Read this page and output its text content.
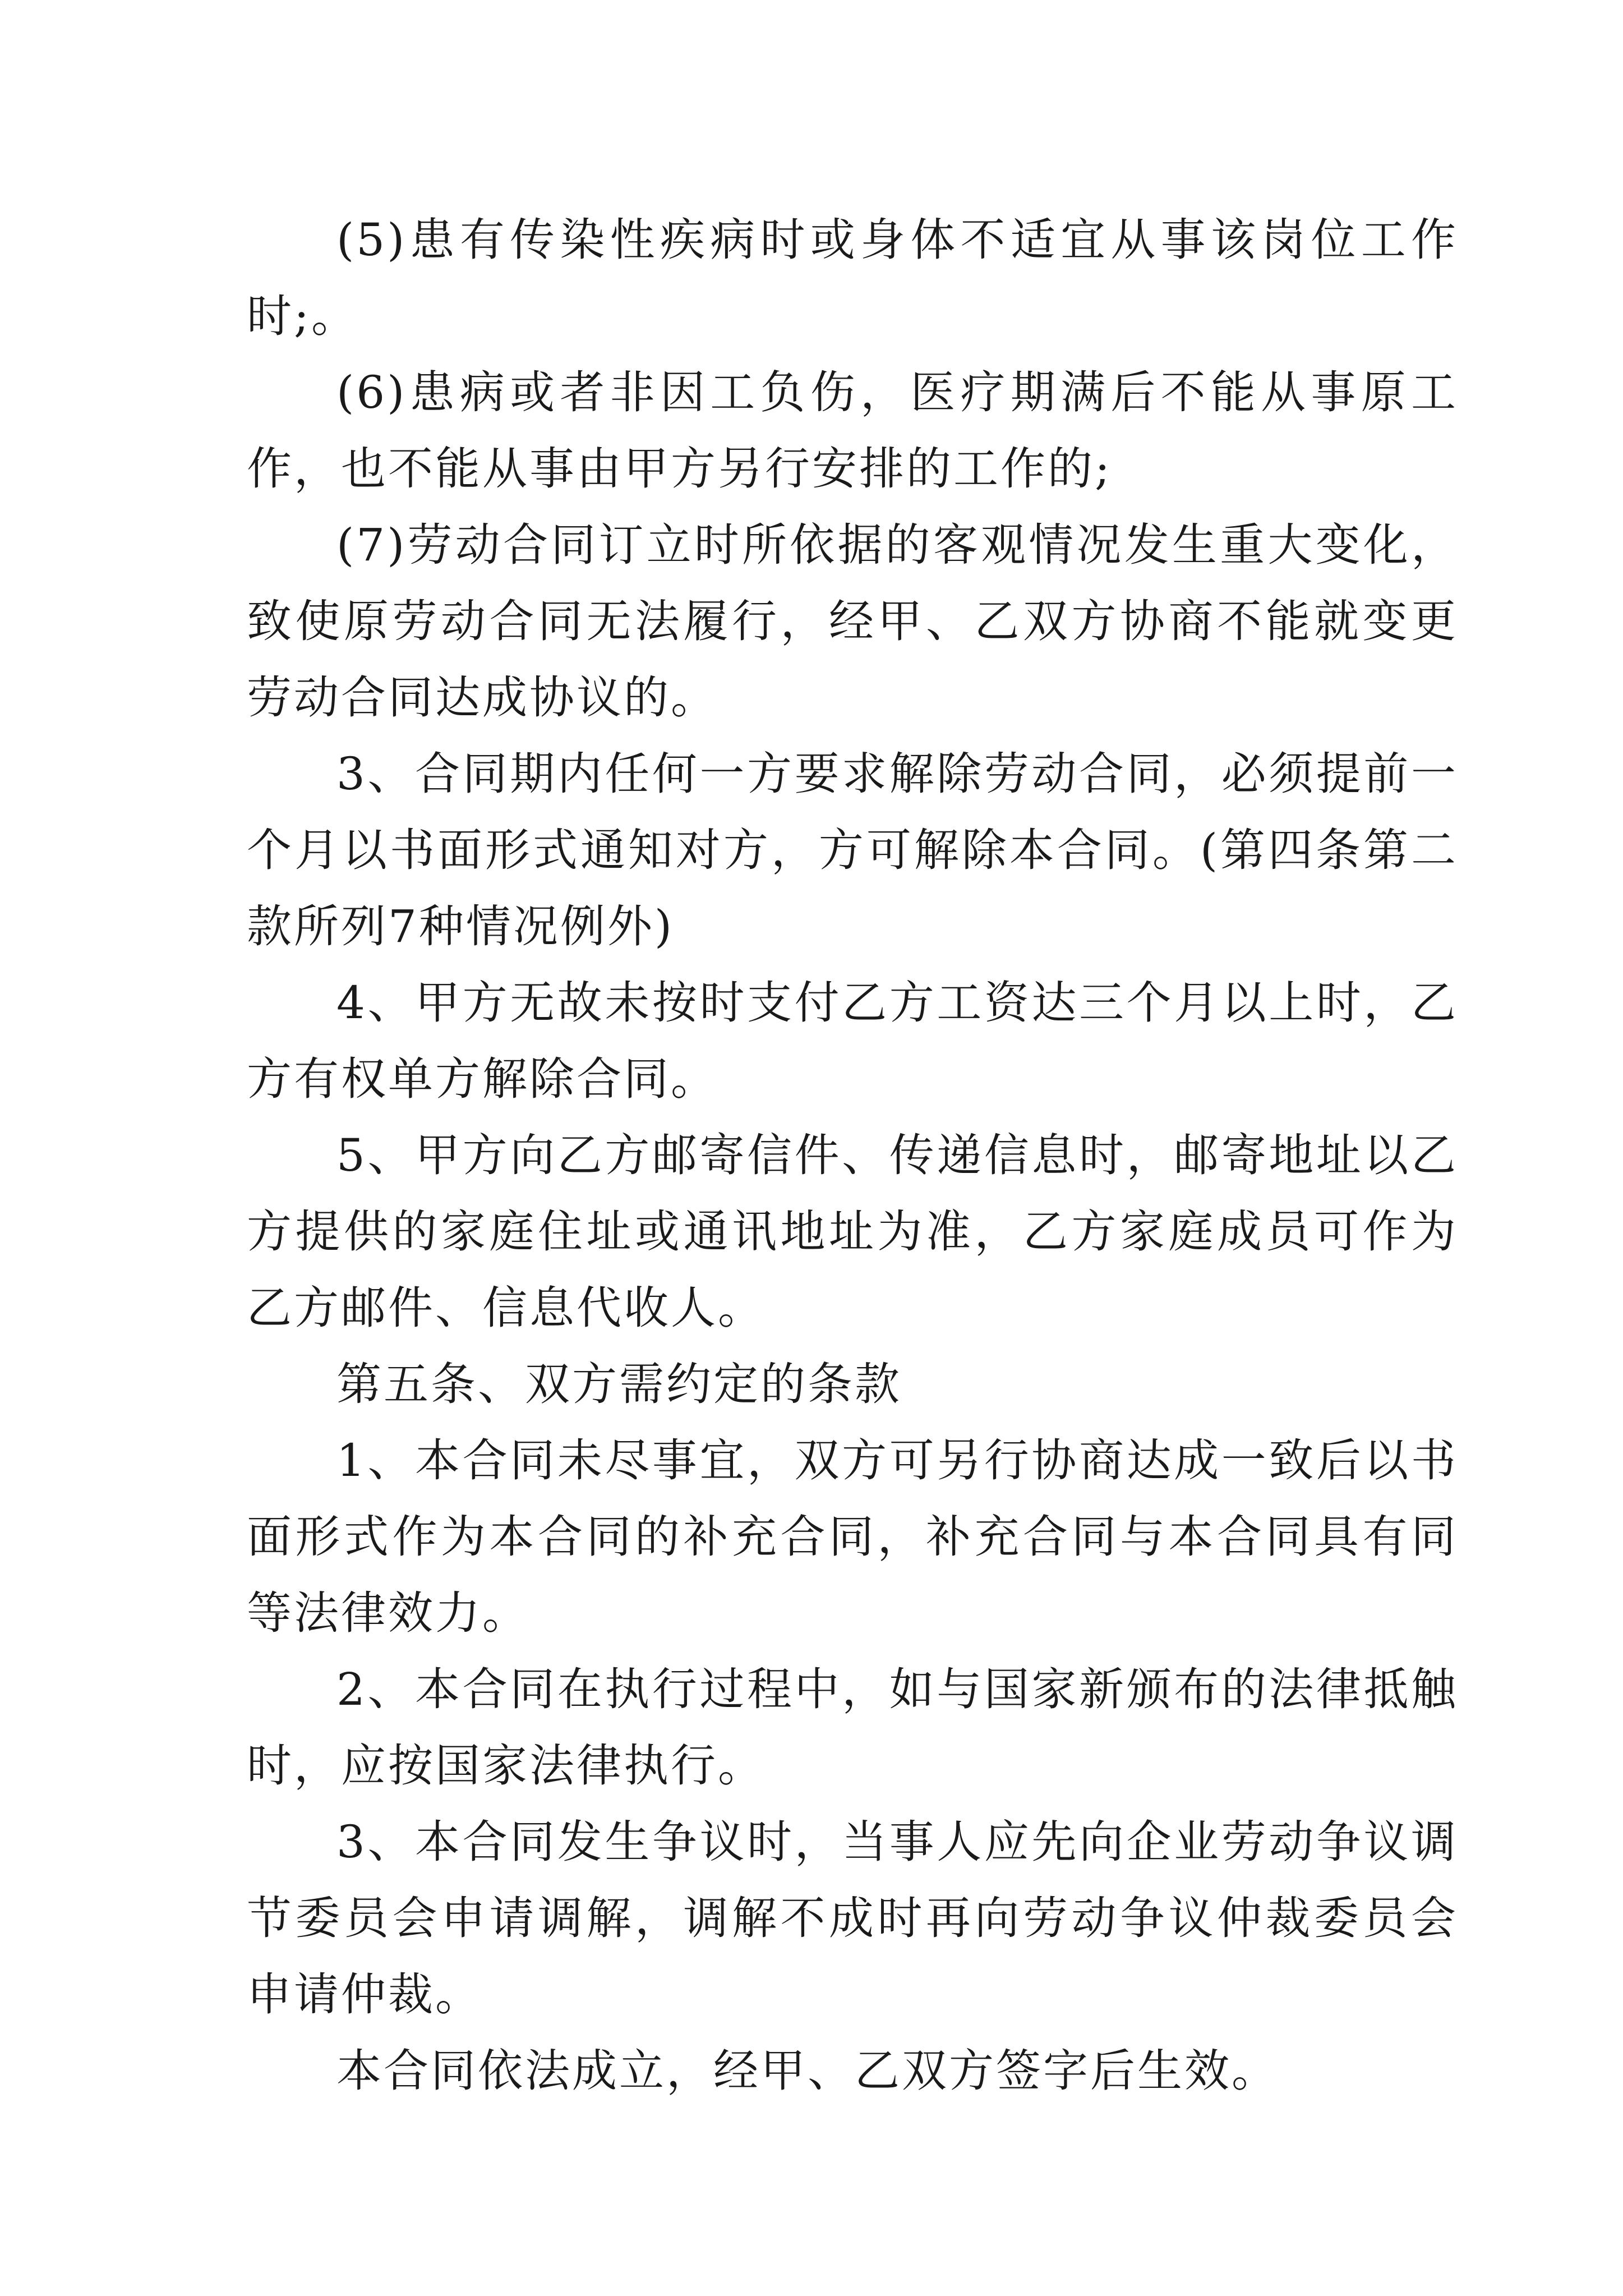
(5)患有传染性疾病时或身体不适宜从事该岗位工作时;。

(6)患病或者非因工负伤，医疗期满后不能从事原工作，也不能从事由甲方另行安排的工作的;

(7)劳动合同订立时所依据的客观情况发生重大变化，致使原劳动合同无法履行，经甲、乙双方协商不能就变更劳动合同达成协议的。

3、合同期内任何一方要求解除劳动合同，必须提前一个月以书面形式通知对方，方可解除本合同。(第四条第二款所列7种情况例外)

4、甲方无故未按时支付乙方工资达三个月以上时，乙方有权单方解除合同。

5、甲方向乙方邮寄信件、传递信息时，邮寄地址以乙方提供的家庭住址或通讯地址为准，乙方家庭成员可作为乙方邮件、信息代收人。

第五条、双方需约定的条款

1、本合同未尽事宜，双方可另行协商达成一致后以书面形式作为本合同的补充合同，补充合同与本合同具有同等法律效力。

2、本合同在执行过程中，如与国家新颁布的法律抵触时，应按国家法律执行。

3、本合同发生争议时，当事人应先向企业劳动争议调节委员会申请调解，调解不成时再向劳动争议仲裁委员会申请仲裁。

本合同依法成立，经甲、乙双方签字后生效。
